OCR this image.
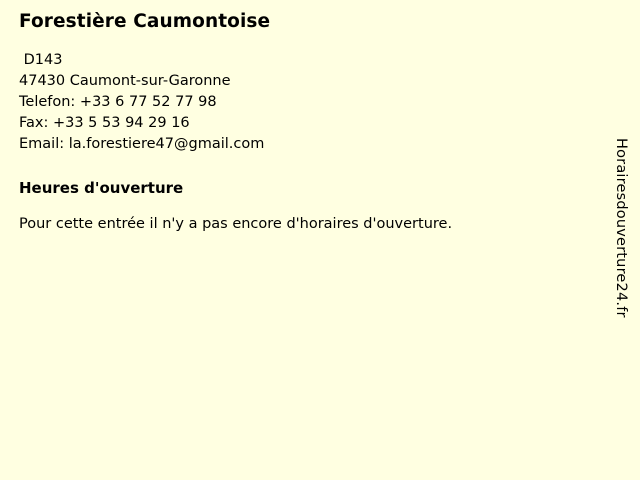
Forestière Caumontoise

D143

47430 Caumont-sur-Garonne

Telefon: +33 6 77 52 77 98

Fax: +33 5 53 94 29 16

Email: la.forestiere47@gmail.com

Heures d'ouverture

Pour cette entrée il n'y a pas encore d'horaires d'ouverture.	Horairesdouverture24.fr
